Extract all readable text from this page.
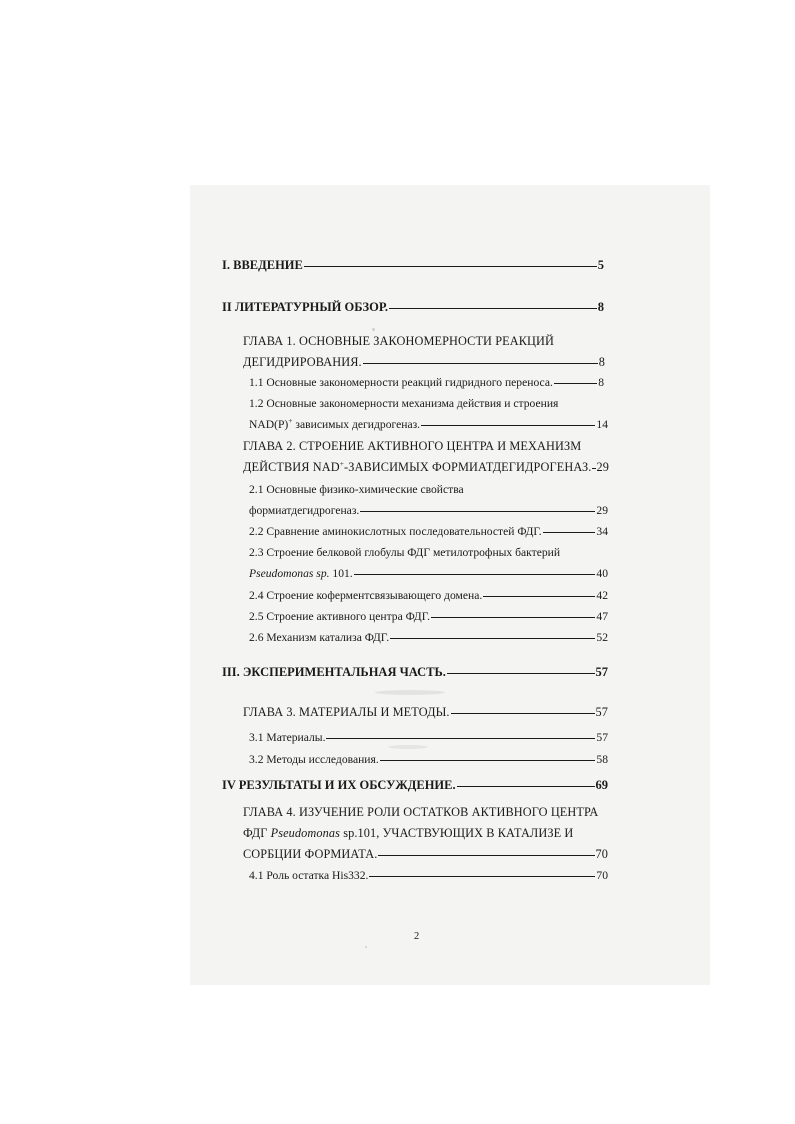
I. ВВЕДЕНИЕ	5
II ЛИТЕРАТУРНЫЙ ОБЗОР.	8
ГЛАВА 1. ОСНОВНЫЕ ЗАКОНОМЕРНОСТИ РЕАКЦИЙ
ДЕГИДРИРОВАНИЯ.	8
1.1 Основные закономерности реакций гидридного переноса.	8
1.2 Основные закономерности механизма действия и строения
NAD(P)+ зависимых дегидрогеназ.	14
ГЛАВА 2. СТРОЕНИЕ АКТИВНОГО ЦЕНТРА И МЕХАНИЗМ
ДЕЙСТВИЯ NAD+-ЗАВИСИМЫХ ФОРМИАТДЕГИДРОГЕНАЗ. 29
2.1 Основные физико-химические свойства
формиатдегидрогеназ.	29
2.2 Сравнение аминокислотных последовательностей ФДГ.	34
2.3 Строение белковой глобулы ФДГ метилотрофных бактерий
Pseudomonas sp. 101.	40
2.4 Строение коферментсвязывающего домена.	42
2.5 Строение активного центра ФДГ.	47
2.6 Механизм катализа ФДГ.	52
III. ЭКСПЕРИМЕНТАЛЬНАЯ ЧАСТЬ.	57
ГЛАВА 3. МАТЕРИАЛЫ И МЕТОДЫ.	57
3.1 Материалы.	57
3.2 Методы исследования.	58
IV РЕЗУЛЬТАТЫ И ИХ ОБСУЖДЕНИЕ.	69
ГЛАВА 4. ИЗУЧЕНИЕ РОЛИ ОСТАТКОВ АКТИВНОГО ЦЕНТРА
ФДГ Pseudomonas sp.101, УЧАСТВУЮЩИХ В КАТАЛИЗЕ И
СОРБЦИИ ФОРМИАТА.	70
4.1 Роль остатка His332.	70
2
